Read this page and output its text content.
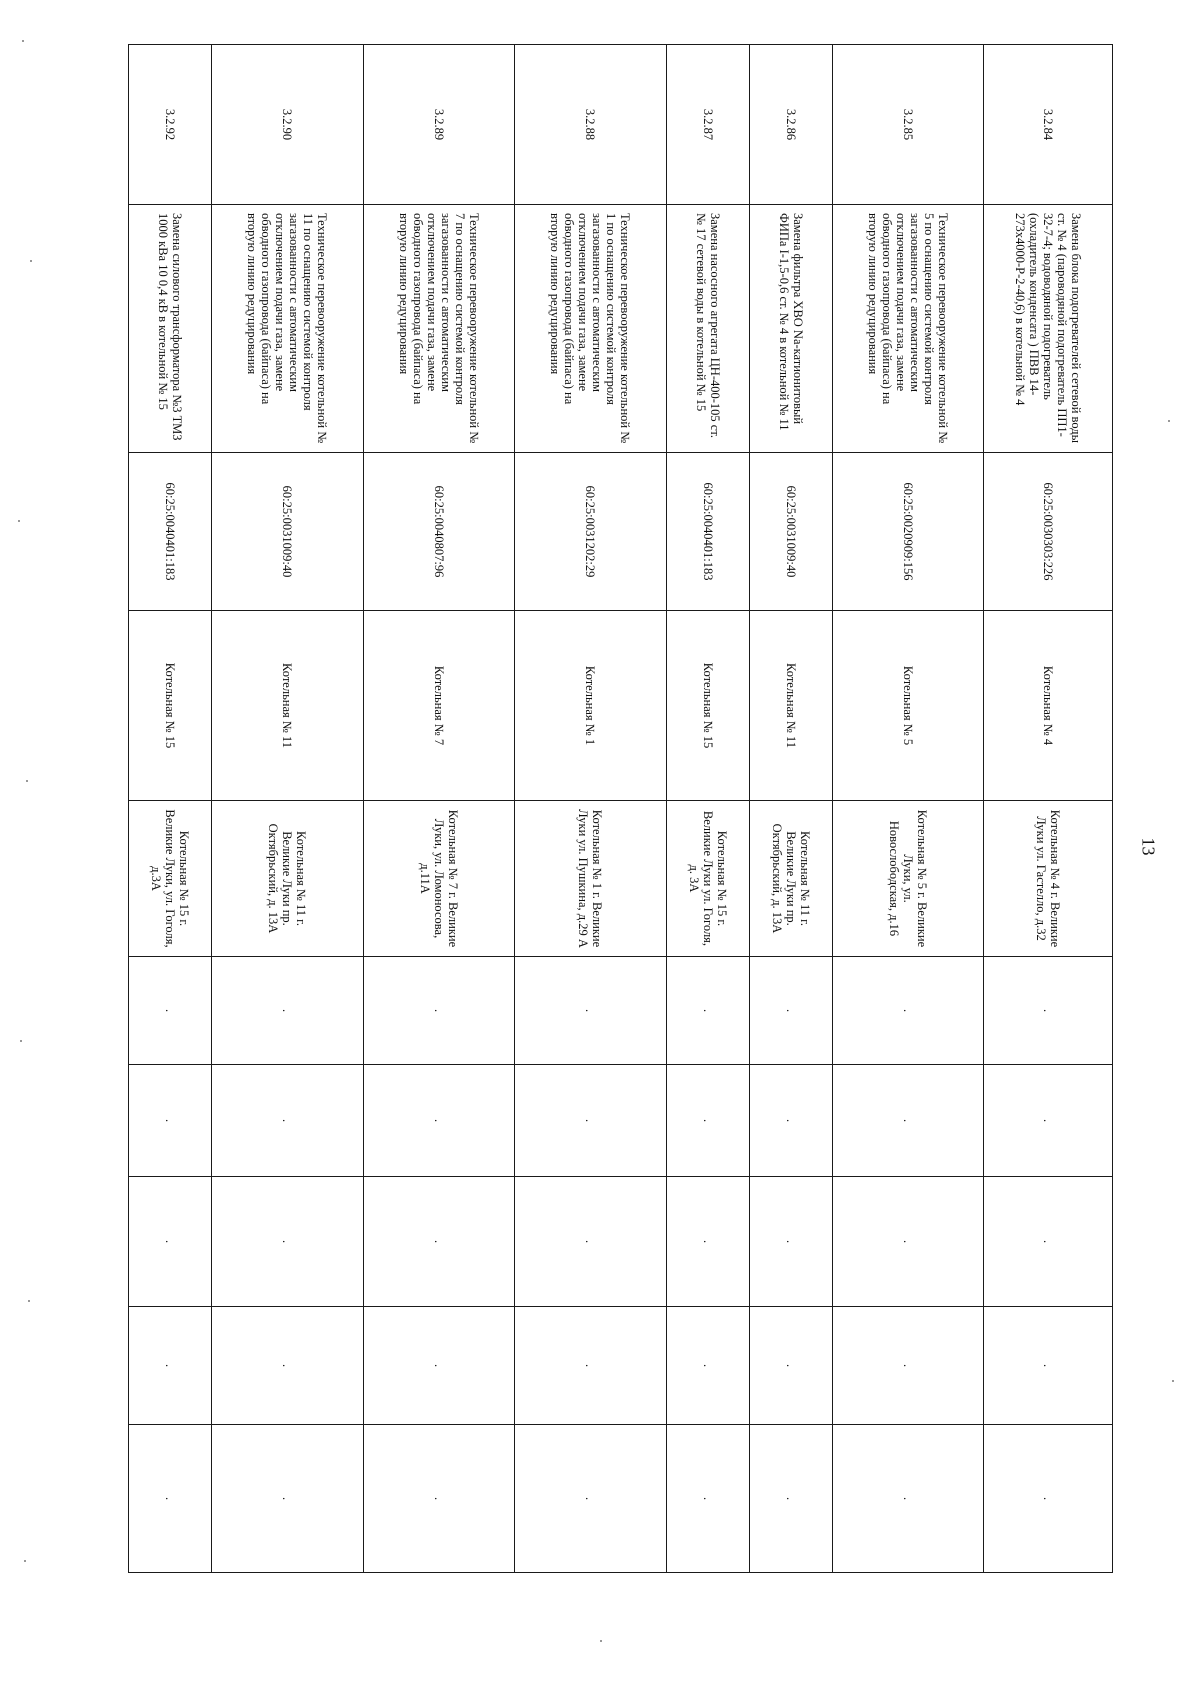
13
3.2.84	Замена блока подогревателей сетевой воды ст. № 4 (пароводяной подогреватель ПП1-32-7-4; водоводяной подогреватель (охладитель конденсата ) ПВВ 14-273х4000-Р-2-40,6) в котельной № 4	60:25:0030303:226	Котельная № 4	Котельная № 4 г. Великие Луки ул. Гастелло, д.32	.	.	.	.	.
3.2.85	Техническое перевооружение котельной № 5 по оснащению системой контроля загазованности с автоматическим отключением подачи газа, замене обводного газопровода (байпаса) на вторую линию редуцирования	60:25:0020909:156	Котельная № 5	Котельная № 5 г. Великие Луки, ул. Новослободская, д.16	.	.	.	.	.
3.2.86	Замена фильтра ХВО Na-катионитовый ФИПа I-1,5-0,6 ст. № 4 в котельной № 11	60:25:0031009:40	Котельная № 11	Котельная № 11 г. Великие Луки пр. Октябрьский, д. 13А	.	.	.	.	.
3.2.87	Замена насосного агрегата ЦН-400-105 ст. № 17 сетевой воды в котельной № 15	60:25:0040401:183	Котельная № 15	Котельная № 15 г. Великие Луки ул. Гоголя, д. 3А	.	.	.	.	.
3.2.88	Техническое перевооружение котельной № 1 по оснащению системой контроля загазованности с автоматическим отключением подачи газа, замене обводного газопровода (байпаса) на вторую линию редуцирования	60:25:0031202:29	Котельная № 1	Котельная № 1 г. Великие Луки ул. Пушкина, д.29 А	.	.	.	.	.
3.2.89	Техническое перевооружение котельной № 7 по оснащению системой контроля загазованности с автоматическим отключением подачи газа, замене обводного газопровода (байпаса) на вторую линию редуцирования	60:25:0040807:96	Котельная № 7	Котельная № 7 г. Великие Луки, ул. Ломоносова, д.11А	.	.	.	.	.
3.2.90	Техническое перевооружение котельной № 11 по оснащению системой контроля загазованности с автоматическим отключением подачи газа, замене обводного газопровода (байпаса) на вторую линию редуцирования	60:25:0031009:40	Котельная № 11	Котельная № 11 г. Великие Луки пр. Октябрьский, д. 13А	.	.	.	.	.
3.2.92	Замена силового трансформатора №3 ТМЗ 1000 кВа 10 0,4 кВ в котельной № 15	60:25:0040401:183	Котельная № 15	Котельная № 15 г. Великие Луки, ул. Гоголя, д.3А	.	.	.	.	.
